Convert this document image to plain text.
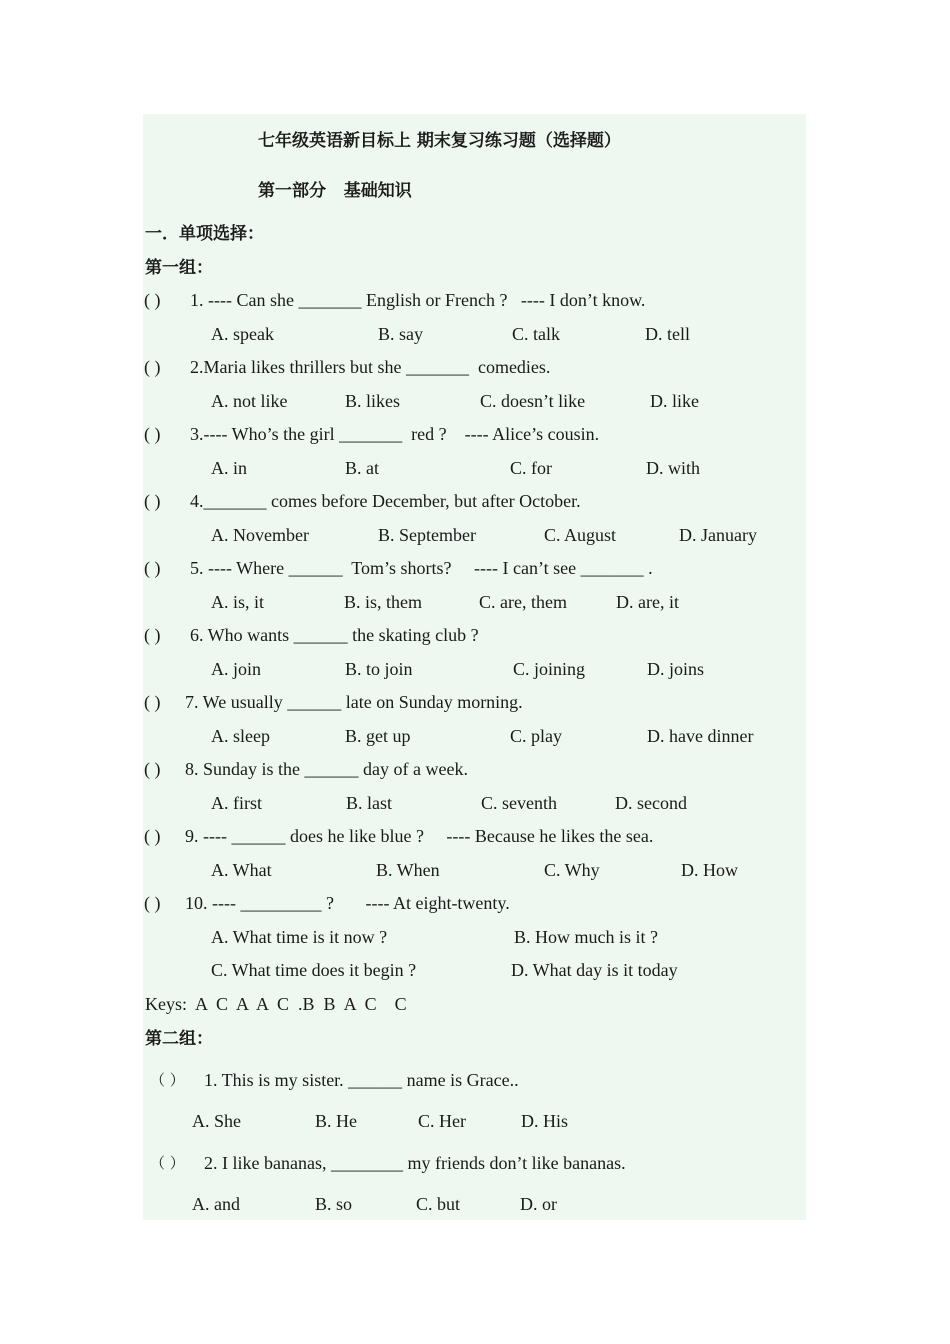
七年级英语新目标上 期末复习练习题（选择题）
第一部分   基础知识
一．单项选择：
第一组：
( ) 1. ---- Can she _______ English or French ?   ---- I don’t know.
A. speak	B. say	C. talk	D. tell
( ) 2.Maria likes thrillers but she _______  comedies.
A. not like	B. likes	C. doesn’t like	D. like
( ) 3.---- Who’s the girl _______  red ?    ---- Alice’s cousin.
A. in	B. at	C. for	D. with
( ) 4._______ comes before December, but after October.
A. November	B. September	C. August	D. January
( ) 5. ---- Where ______  Tom’s shorts?     ---- I can’t see _______ .
A. is, it	B. is, them	C. are, them	D. are, it
( ) 6. Who wants ______ the skating club ?
A. join	B. to join	C. joining	D. joins
( ) 7. We usually ______ late on Sunday morning.
A. sleep	B. get up	C. play	D. have dinner
( ) 8. Sunday is the ______ day of a week.
A. first	B. last	C. seventh	D. second
( ) 9. ---- ______ does he like blue ?     ---- Because he likes the sea.
A. What	B. When	C. Why	D. How
( ) 10. ---- _________ ?       ---- At eight-twenty.
A. What time is it now ?	B. How much is it ?
C. What time does it begin ?	D. What day is it today
Keys:  A  C  A  A  C  .B  B  A  C    C
第二组：
（ ） 1. This is my sister. ______ name is Grace..
A. She	B. He	C. Her	D. His
（ ） 2. I like bananas, ________ my friends don’t like bananas.
A. and	B. so	C. but	D. or
